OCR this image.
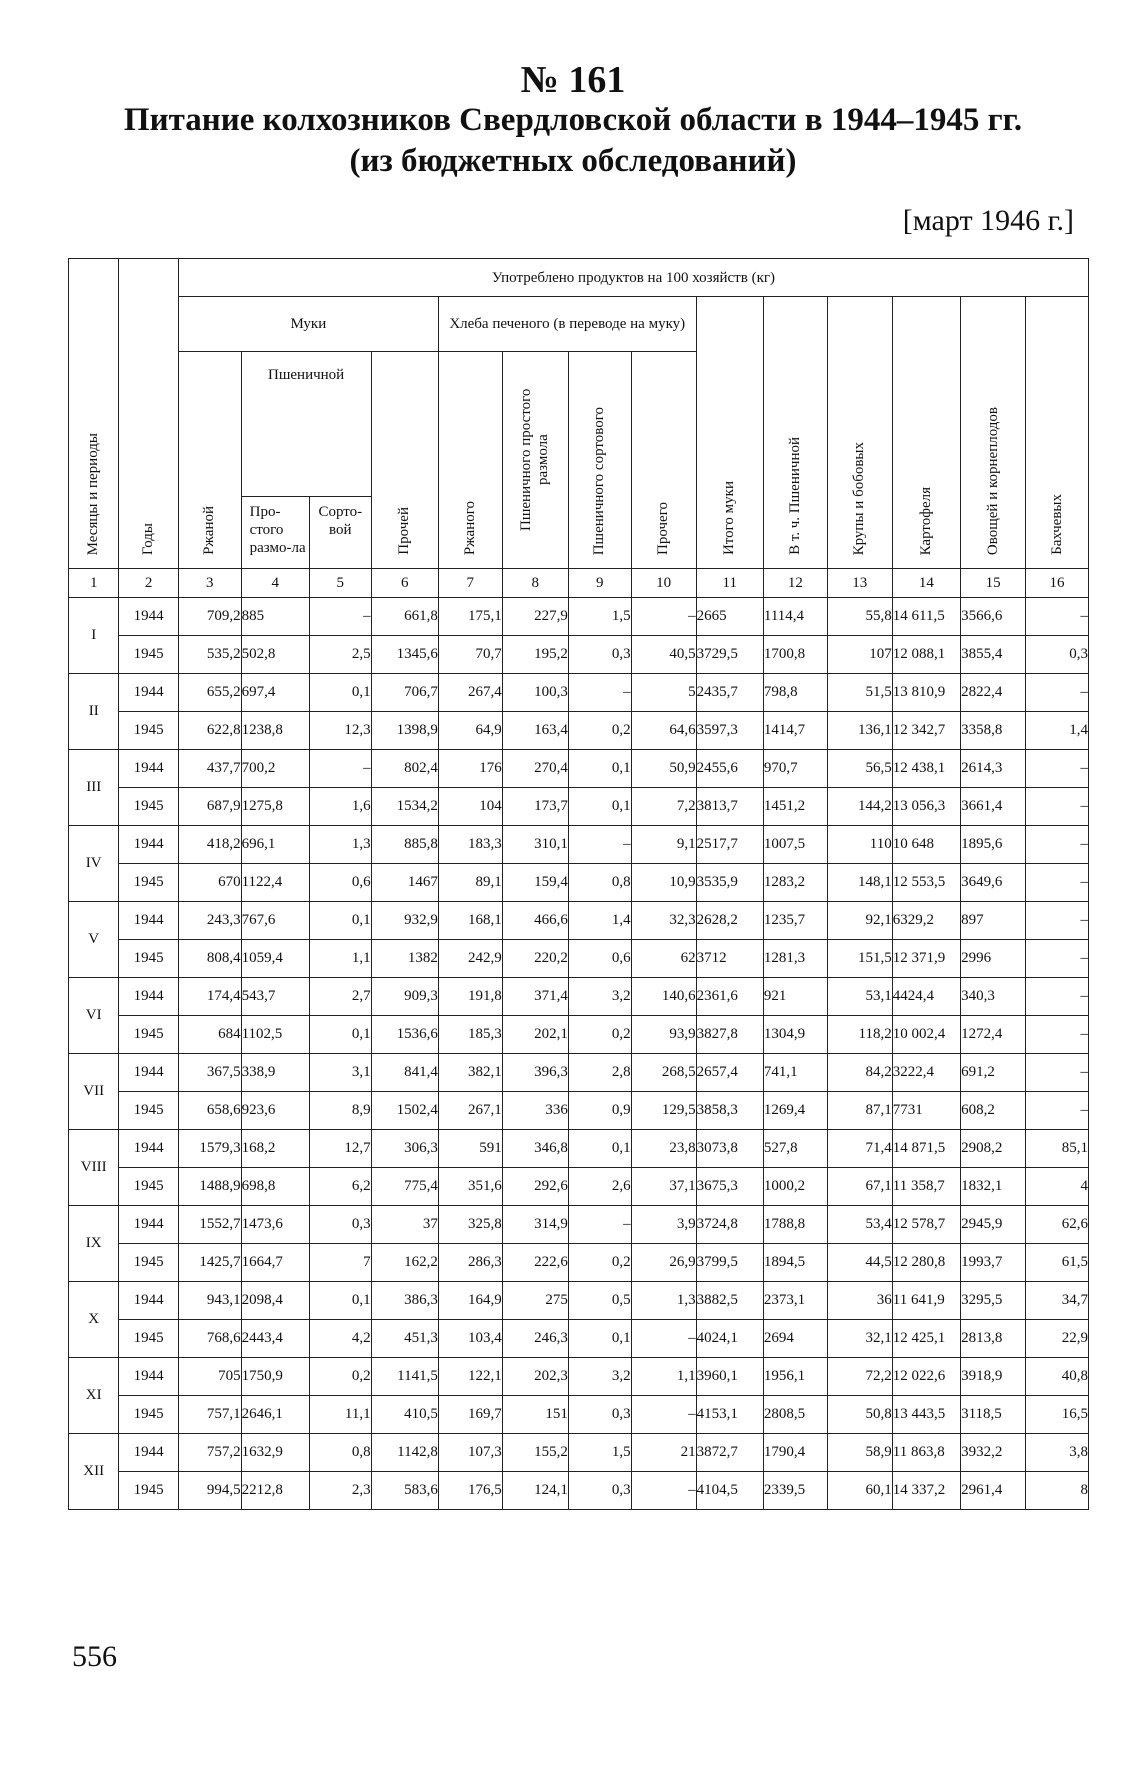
№ 161
Питание колхозников Свердловской области в 1944–1945 гг.
(из бюджетных обследований)
[март 1946 г.]
Месяцы и периоды	Годы	Употреблено продуктов на 100 хозяйств (кг)													
		Муки				Хлеба печеного (в переводе на муку)				Итого муки	В т. ч. Пшеничной	Крупы и бобовых	Картофеля	Овощей и корнеплодов	Бахчевых
		Ржаной	Пшеничной		Прочей	Ржаного	Пшеничного простого размола	Пшеничного сортового	Прочего						
			Про-стого размо-ла	Сорто-вой											
1	2	3	4	5	6	7	8	9	10	11	12	13	14	15	16
I	1944	709,2	885	–	661,8	175,1	227,9	1,5	–	2665	1114,4	55,8	14 611,5	3566,6	–
	1945	535,2	502,8	2,5	1345,6	70,7	195,2	0,3	40,5	3729,5	1700,8	107	12 088,1	3855,4	0,3
II	1944	655,2	697,4	0,1	706,7	267,4	100,3	–	5	2435,7	798,8	51,5	13 810,9	2822,4	–
	1945	622,8	1238,8	12,3	1398,9	64,9	163,4	0,2	64,6	3597,3	1414,7	136,1	12 342,7	3358,8	1,4
III	1944	437,7	700,2	–	802,4	176	270,4	0,1	50,9	2455,6	970,7	56,5	12 438,1	2614,3	–
	1945	687,9	1275,8	1,6	1534,2	104	173,7	0,1	7,2	3813,7	1451,2	144,2	13 056,3	3661,4	–
IV	1944	418,2	696,1	1,3	885,8	183,3	310,1	–	9,1	2517,7	1007,5	110	10 648	1895,6	–
	1945	670	1122,4	0,6	1467	89,1	159,4	0,8	10,9	3535,9	1283,2	148,1	12 553,5	3649,6	–
V	1944	243,3	767,6	0,1	932,9	168,1	466,6	1,4	32,3	2628,2	1235,7	92,1	6329,2	897	–
	1945	808,4	1059,4	1,1	1382	242,9	220,2	0,6	62	3712	1281,3	151,5	12 371,9	2996	–
VI	1944	174,4	543,7	2,7	909,3	191,8	371,4	3,2	140,6	2361,6	921	53,1	4424,4	340,3	–
	1945	684	1102,5	0,1	1536,6	185,3	202,1	0,2	93,9	3827,8	1304,9	118,2	10 002,4	1272,4	–
VII	1944	367,5	338,9	3,1	841,4	382,1	396,3	2,8	268,5	2657,4	741,1	84,2	3222,4	691,2	–
	1945	658,6	923,6	8,9	1502,4	267,1	336	0,9	129,5	3858,3	1269,4	87,1	7731	608,2	–
VIII	1944	1579,3	168,2	12,7	306,3	591	346,8	0,1	23,8	3073,8	527,8	71,4	14 871,5	2908,2	85,1
	1945	1488,9	698,8	6,2	775,4	351,6	292,6	2,6	37,1	3675,3	1000,2	67,1	11 358,7	1832,1	4
IX	1944	1552,7	1473,6	0,3	37	325,8	314,9	–	3,9	3724,8	1788,8	53,4	12 578,7	2945,9	62,6
	1945	1425,7	1664,7	7	162,2	286,3	222,6	0,2	26,9	3799,5	1894,5	44,5	12 280,8	1993,7	61,5
X	1944	943,1	2098,4	0,1	386,3	164,9	275	0,5	1,3	3882,5	2373,1	36	11 641,9	3295,5	34,7
	1945	768,6	2443,4	4,2	451,3	103,4	246,3	0,1	–	4024,1	2694	32,1	12 425,1	2813,8	22,9
XI	1944	705	1750,9	0,2	1141,5	122,1	202,3	3,2	1,1	3960,1	1956,1	72,2	12 022,6	3918,9	40,8
	1945	757,1	2646,1	11,1	410,5	169,7	151	0,3	–	4153,1	2808,5	50,8	13 443,5	3118,5	16,5
XII	1944	757,2	1632,9	0,8	1142,8	107,3	155,2	1,5	21	3872,7	1790,4	58,9	11 863,8	3932,2	3,8
	1945	994,5	2212,8	2,3	583,6	176,5	124,1	0,3	–	4104,5	2339,5	60,1	14 337,2	2961,4	8
556
